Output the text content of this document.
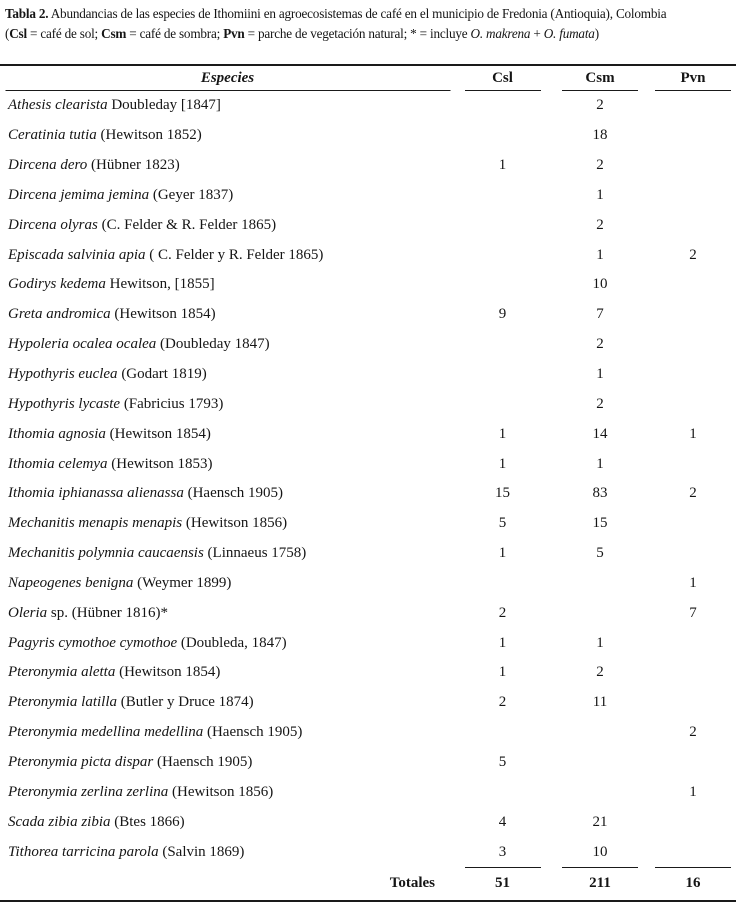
Tabla 2. Abundancias de las especies de Ithomiini en agroecosistemas de café en el municipio de Fredonia (Antioquia), Colombia
(Csl = café de sol; Csm = café de sombra; Pvn = parche de vegetación natural; * = incluye O. makrena + O. fumata)
Especies	Csl	Csm	Pvn

Athesis clearista Doubleday [1847]		2	
Ceratinia tutia (Hewitson 1852)		18	
Dircena dero (Hübner 1823)	1	2	
Dircena jemima jemina (Geyer 1837)		1	
Dircena olyras (C. Felder & R. Felder 1865)		2	
Episcada salvinia apia ( C. Felder y R. Felder 1865)		1	2
Godirys kedema Hewitson, [1855]		10	
Greta andromica (Hewitson 1854)	9	7	
Hypoleria ocalea ocalea (Doubleday 1847)		2	
Hypothyris euclea (Godart 1819)		1	
Hypothyris lycaste (Fabricius 1793)		2	
Ithomia agnosia (Hewitson 1854)	1	14	1
Ithomia celemya (Hewitson 1853)	1	1	
Ithomia iphianassa alienassa (Haensch 1905)	15	83	2
Mechanitis menapis menapis (Hewitson 1856)	5	15	
Mechanitis polymnia caucaensis (Linnaeus 1758)	1	5	
Napeogenes benigna (Weymer 1899)			1
Oleria sp. (Hübner 1816)*	2		7
Pagyris cymothoe cymothoe (Doubleda, 1847)	1	1	
Pteronymia aletta (Hewitson 1854)	1	2	
Pteronymia latilla (Butler y Druce 1874)	2	11	
Pteronymia medellina medellina (Haensch 1905)			2
Pteronymia picta dispar (Haensch 1905)	5		
Pteronymia zerlina zerlina (Hewitson 1856)			1
Scada zibia zibia (Btes 1866)	4	21	
Tithorea tarricina parola (Salvin 1869)	3	10	
Totales	51	211	16
